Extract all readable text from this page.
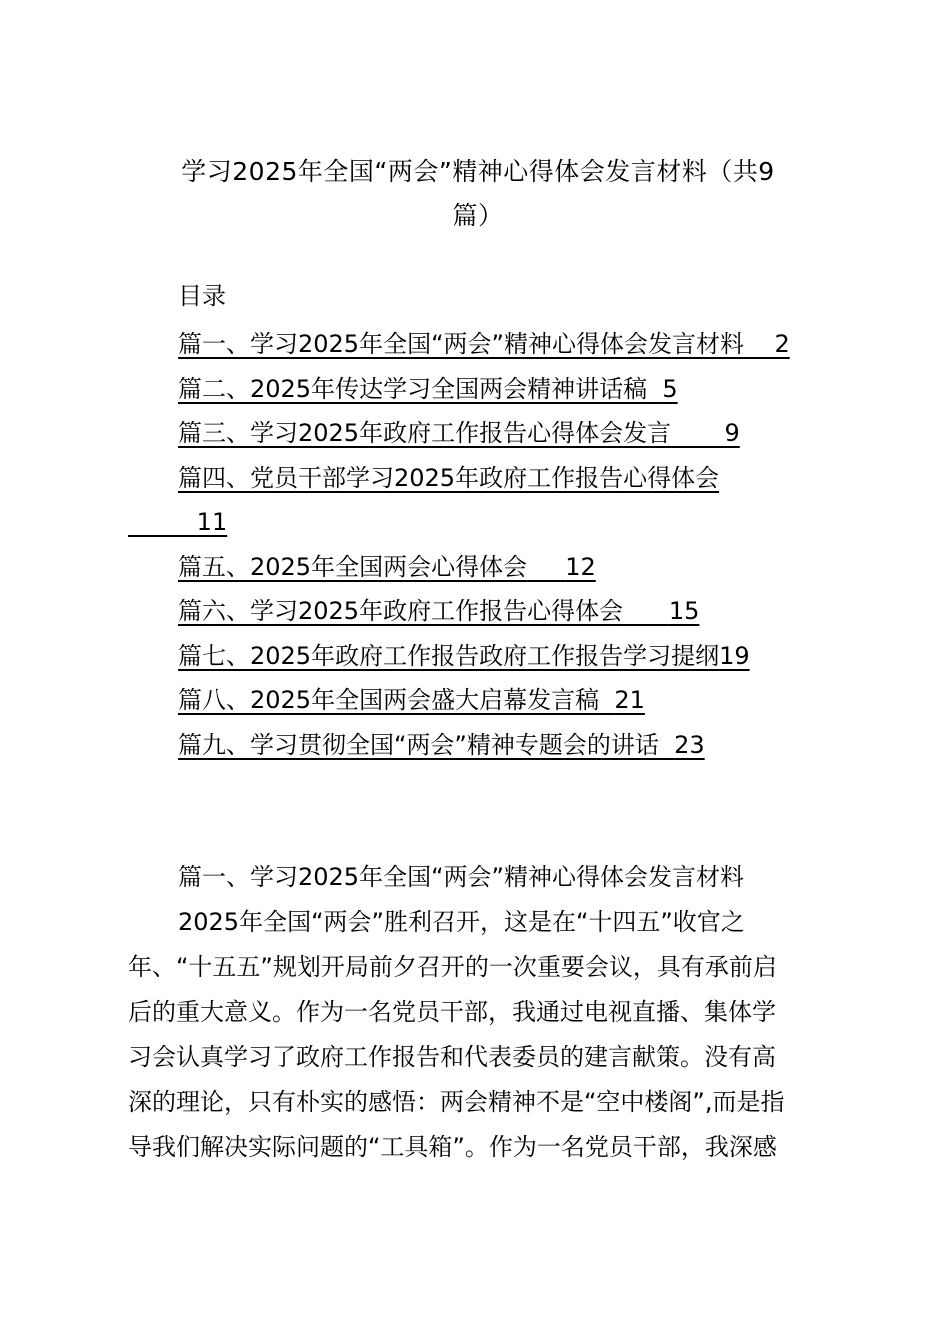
学习2025年全国“两会”精神心得体会发言材料（共9
篇）
目录
篇一、学习2025年全国“两会”精神心得体会发言材料 2
篇二、2025年传达学习全国两会精神讲话稿 5
篇三、学习2025年政府工作报告心得体会发言 9
篇四、党员干部学习2025年政府工作报告心得体会
11
篇五、2025年全国两会心得体会 12
篇六、学习2025年政府工作报告心得体会 15
篇七、2025年政府工作报告政府工作报告学习提纲19
篇八、2025年全国两会盛大启幕发言稿 21
篇九、学习贯彻全国“两会”精神专题会的讲话 23

篇一、学习2025年全国“两会”精神心得体会发言材料

2025年全国“两会”胜利召开，这是在“十四五”收官之
年、“十五五”规划开局前夕召开的一次重要会议，具有承前启
后的重大意义。作为一名党员干部，我通过电视直播、集体学
习会认真学习了政府工作报告和代表委员的建言献策。没有高
深的理论，只有朴实的感悟：两会精神不是“空中楼阁”,而是指
导我们解决实际问题的“工具箱”。作为一名党员干部，我深感
